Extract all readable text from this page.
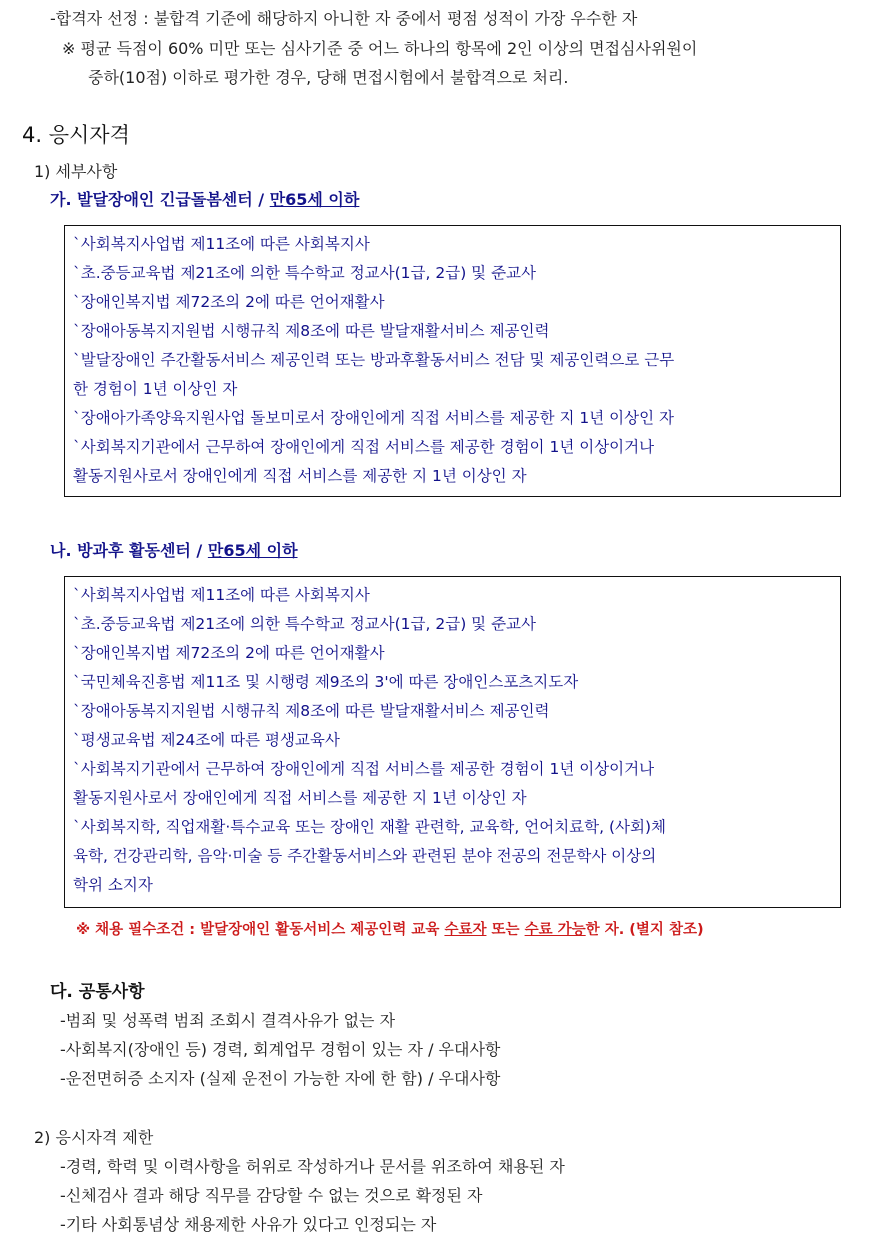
-합격자 선정 : 불합격 기준에 해당하지 아니한 자 중에서 평점 성적이 가장 우수한 자
※ 평균 득점이 60% 미만 또는 심사기준 중 어느 하나의 항목에 2인 이상의 면접심사위원이
중하(10점) 이하로 평가한 경우, 당해 면접시험에서 불합격으로 처리.
4. 응시자격
1) 세부사항
가. 발달장애인 긴급돌봄센터 / 만65세 이하
`사회복지사업법 제11조에 따른 사회복지사
`초.중등교육법 제21조에 의한 특수학교 정교사(1급, 2급) 및 준교사
`장애인복지법 제72조의 2에 따른 언어재활사
`장애아동복지지원법 시행규칙 제8조에 따른 발달재활서비스 제공인력
`발달장애인 주간활동서비스 제공인력 또는 방과후활동서비스 전담 및 제공인력으로 근무
한 경험이 1년 이상인 자
`장애아가족양육지원사업 돌보미로서 장애인에게 직접 서비스를 제공한 지 1년 이상인 자
`사회복지기관에서 근무하여 장애인에게 직접 서비스를 제공한 경험이 1년 이상이거나
활동지원사로서 장애인에게 직접 서비스를 제공한 지 1년 이상인 자
나. 방과후 활동센터 / 만65세 이하
`사회복지사업법 제11조에 따른 사회복지사
`초.중등교육법 제21조에 의한 특수학교 정교사(1급, 2급) 및 준교사
`장애인복지법 제72조의 2에 따른 언어재활사
`국민체육진흥법 제11조 및 시행령 제9조의 3'에 따른 장애인스포츠지도자
`장애아동복지지원법 시행규칙 제8조에 따른 발달재활서비스 제공인력
`평생교육법 제24조에 따른 평생교육사
`사회복지기관에서 근무하여 장애인에게 직접 서비스를 제공한 경험이 1년 이상이거나
활동지원사로서 장애인에게 직접 서비스를 제공한 지 1년 이상인 자
`사회복지학, 직업재활·특수교육 또는 장애인 재활 관련학, 교육학, 언어치료학, (사회)체
육학, 건강관리학, 음악·미술 등 주간활동서비스와 관련된 분야 전공의 전문학사 이상의
학위 소지자
※ 채용 필수조건 : 발달장애인 활동서비스 제공인력 교육 수료자 또는 수료 가능한 자. (별지 참조)
다. 공통사항
-범죄 및 성폭력 범죄 조회시 결격사유가 없는 자
-사회복지(장애인 등) 경력, 회계업무 경험이 있는 자 / 우대사항
-운전면허증 소지자 (실제 운전이 가능한 자에 한 함) / 우대사항
2) 응시자격 제한
-경력, 학력 및 이력사항을 허위로 작성하거나 문서를 위조하여 채용된 자
-신체검사 결과 해당 직무를 감당할 수 없는 것으로 확정된 자
-기타 사회통념상 채용제한 사유가 있다고 인정되는 자
